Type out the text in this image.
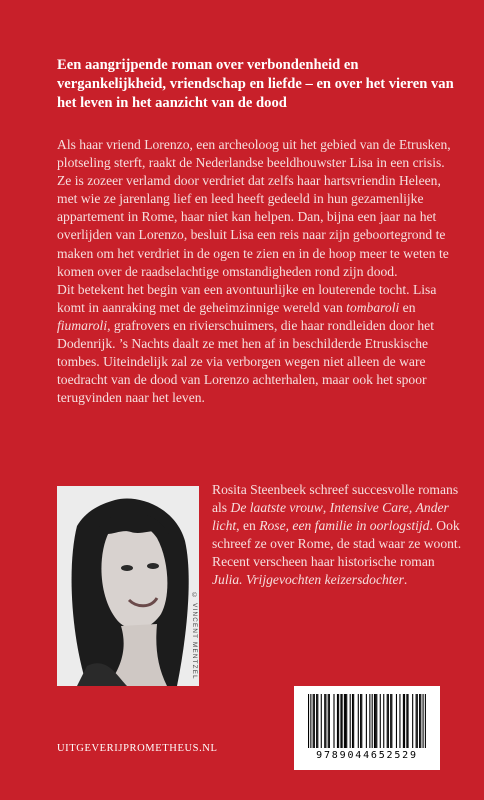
Een aangrijpende roman over verbondenheid en vergankelijkheid, vriendschap en liefde – en over het vieren van het leven in het aanzicht van de dood

Als haar vriend Lorenzo, een archeoloog uit het gebied van de Etrusken, plotseling sterft, raakt de Nederlandse beeldhouwster Lisa in een crisis. Ze is zozeer verlamd door verdriet dat zelfs haar hartsvriendin Heleen, met wie ze jarenlang lief en leed heeft gedeeld in hun gezamenlijke appartement in Rome, haar niet kan helpen. Dan, bijna een jaar na het overlijden van Lorenzo, besluit Lisa een reis naar zijn geboortegrond te maken om het verdriet in de ogen te zien en in de hoop meer te weten te komen over de raadselachtige omstandigheden rond zijn dood.

Dit betekent het begin van een avontuurlijke en louterende tocht. Lisa komt in aanraking met de geheimzinnige wereld van tombaroli en fiumaroli, grafrovers en rivierschuimers, die haar rondleiden door het Dodenrijk. ’s Nachts daalt ze met hen af in beschilderde Etruskische tombes. Uiteindelijk zal ze via verborgen wegen niet alleen de ware toedracht van de dood van Lorenzo achterhalen, maar ook het spoor terugvinden naar het leven.

© VINCENT MENTZEL

Rosita Steenbeek schreef succesvolle romans als De laatste vrouw, Intensive Care, Ander licht, en Rose, een familie in oorlogstijd. Ook schreef ze over Rome, de stad waar ze woont. Recent verscheen haar historische roman Julia. Vrijgevochten keizersdochter.

9789044652529
UITGEVERIJPROMETHEUS.NL
